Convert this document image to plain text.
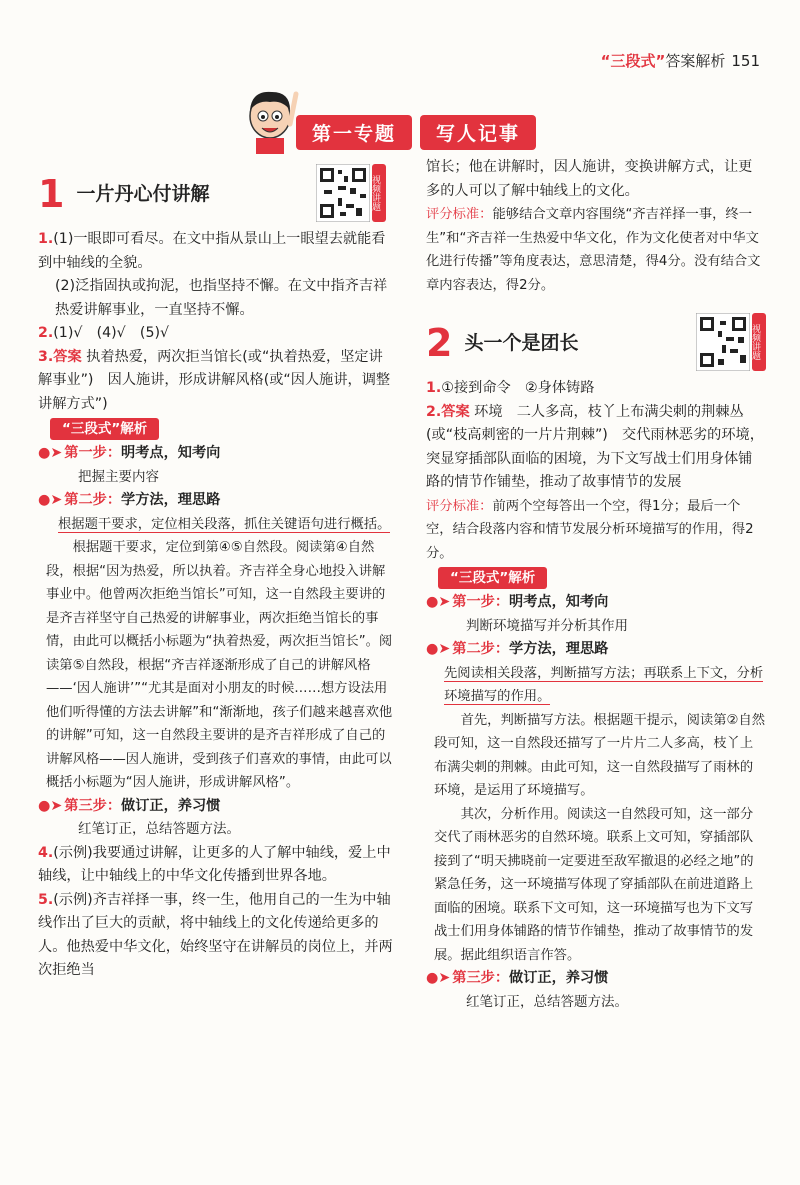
“三段式”答案解析 151
第一专题	写人记事
1 一片丹心付讲解	视频讲题

1.(1)一眼即可看尽。在文中指从景山上一眼望去就能看到中轴线的全貌。

(2)泛指固执或拘泥，也指坚持不懈。在文中指齐吉祥热爱讲解事业，一直坚持不懈。

2.(1)√　(4)√　(5)√

3.答案 执着热爱，两次拒当馆长(或“执着热爱，坚定讲解事业”)　因人施讲，形成讲解风格(或“因人施讲，调整讲解方式”)

“三段式”解析

●➤ 第一步：明考点，知考向

把握主要内容

●➤ 第二步：学方法，理思路

根据题干要求，定位相关段落，抓住关键语句进行概括。

根据题干要求，定位到第④⑤自然段。阅读第④自然段，根据“因为热爱，所以执着。齐吉祥全身心地投入讲解事业中。他曾两次拒绝当馆长”可知，这一自然段主要讲的是齐吉祥坚守自己热爱的讲解事业，两次拒绝当馆长的事情，由此可以概括小标题为“执着热爱，两次拒当馆长”。阅读第⑤自然段，根据“齐吉祥逐渐形成了自己的讲解风格——‘因人施讲’”“尤其是面对小朋友的时候……想方设法用他们听得懂的方法去讲解”和“渐渐地，孩子们越来越喜欢他的讲解”可知，这一自然段主要讲的是齐吉祥形成了自己的讲解风格——因人施讲，受到孩子们喜欢的事情，由此可以概括小标题为“因人施讲，形成讲解风格”。

●➤ 第三步：做订正，养习惯

红笔订正，总结答题方法。

4.(示例)我要通过讲解，让更多的人了解中轴线，爱上中轴线，让中轴线上的中华文化传播到世界各地。

5.(示例)齐吉祥择一事，终一生，他用自己的一生为中轴线作出了巨大的贡献，将中轴线上的文化传递给更多的人。他热爱中华文化，始终坚守在讲解员的岗位上，并两次拒绝当

馆长；他在讲解时，因人施讲，变换讲解方式，让更多的人可以了解中轴线上的文化。

评分标准：能够结合文章内容围绕“齐吉祥择一事，终一生”和“齐吉祥一生热爱中华文化，作为文化使者对中华文化进行传播”等角度表达，意思清楚，得4分。没有结合文章内容表达，得2分。

2 头一个是团长	视频讲题

1.①接到命令　②身体铸路

2.答案 环境　二人多高，枝丫上布满尖刺的荆棘丛(或“枝高刺密的一片片荆棘”)　交代雨林恶劣的环境，突显穿插部队面临的困境，为下文写战士们用身体铺路的情节作铺垫，推动了故事情节的发展

评分标准：前两个空每答出一个空，得1分；最后一个空，结合段落内容和情节发展分析环境描写的作用，得2分。

“三段式”解析

●➤ 第一步：明考点，知考向

判断环境描写并分析其作用

●➤ 第二步：学方法，理思路

先阅读相关段落，判断描写方法；再联系上下文，分析环境描写的作用。

首先，判断描写方法。根据题干提示，阅读第②自然段可知，这一自然段还描写了一片片二人多高，枝丫上布满尖刺的荆棘。由此可知，这一自然段描写了雨林的环境，是运用了环境描写。

其次，分析作用。阅读这一自然段可知，这一部分交代了雨林恶劣的自然环境。联系上文可知，穿插部队接到了“明天拂晓前一定要进至敌军撤退的必经之地”的紧急任务，这一环境描写体现了穿插部队在前进道路上面临的困境。联系下文可知，这一环境描写也为下文写战士们用身体铺路的情节作铺垫，推动了故事情节的发展。据此组织语言作答。

●➤ 第三步：做订正，养习惯

红笔订正，总结答题方法。
